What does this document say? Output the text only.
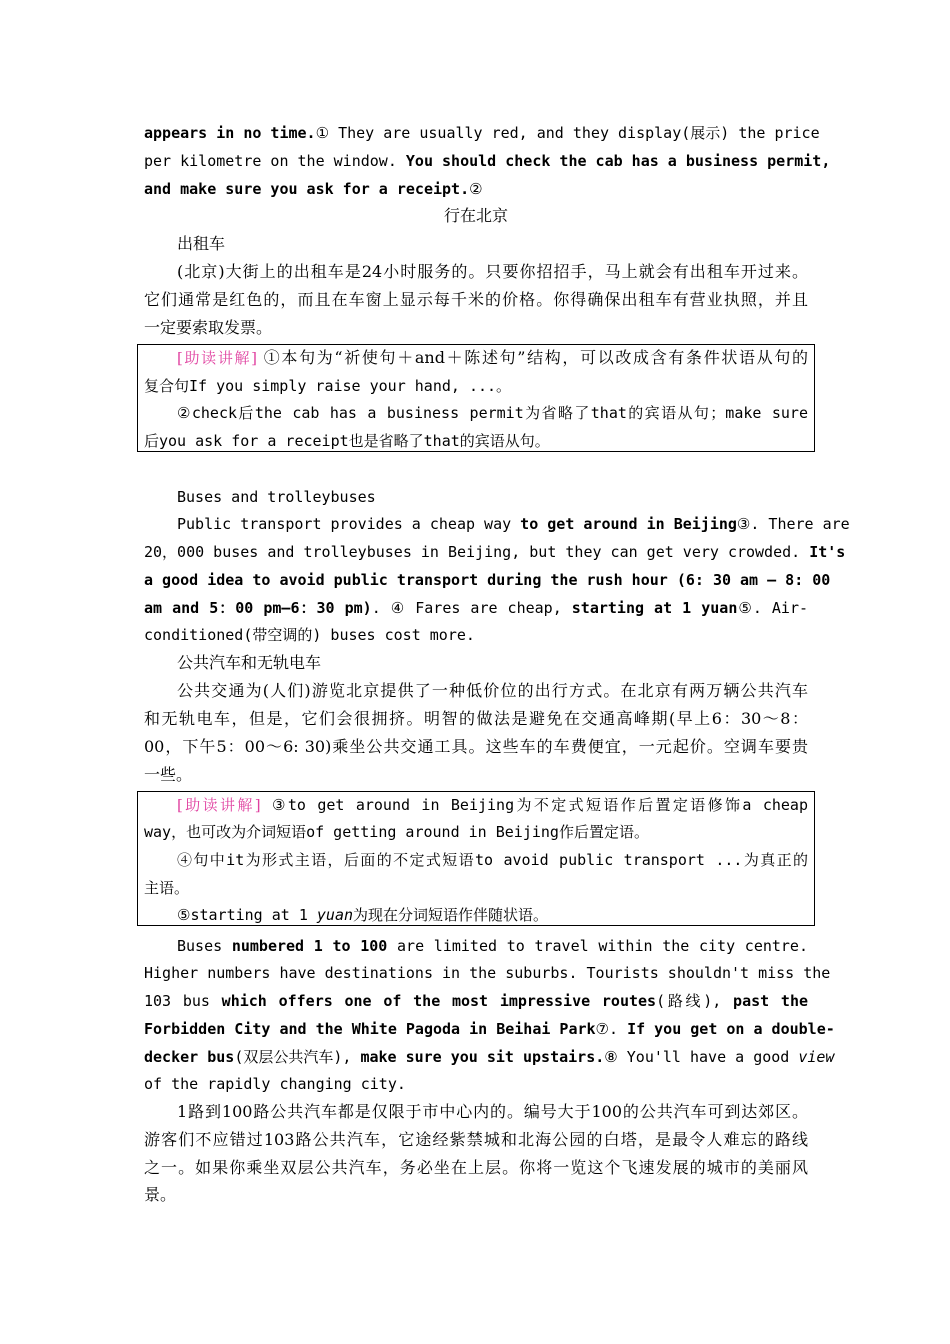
appears in no time.① They are usually red, and they display(展示) the price
per kilometre on the window. You should check the cab has a business permit,
and make sure you ask for a receipt.②
行在北京
出租车
(北京)大街上的出租车是24小时服务的。只要你招招手，马上就会有出租车开过来。
它们通常是红色的，而且在车窗上显示每千米的价格。你得确保出租车有营业执照，并且
一定要索取发票。
[助读讲解] ①本句为“祈使句＋and＋陈述句”结构，可以改成含有条件状语从句的
复合句If you simply raise your hand, ...。
②check后the cab has a business permit为省略了that的宾语从句；make sure
后you ask for a receipt也是省略了that的宾语从句。
Buses and trolleybuses
Public transport provides a cheap way to get around in Beijing③. There are
20，000 buses and trolleybuses in Beijing, but they can get very crowded. It's
a good idea to avoid public transport during the rush hour (6: 30 am — 8: 00
am and 5：00 pm—6：30 pm). ④ Fares are cheap, starting at 1 yuan⑤. Air-
conditioned(带空调的) buses cost more.
公共汽车和无轨电车
公共交通为(人们)游览北京提供了一种低价位的出行方式。在北京有两万辆公共汽车
和无轨电车，但是，它们会很拥挤。明智的做法是避免在交通高峰期(早上6：30～8：
00，下午5：00～6: 30)乘坐公共交通工具。这些车的车费便宜，一元起价。空调车要贵
一些。
[助读讲解] ③to get around in Beijing为不定式短语作后置定语修饰a cheap
way，也可改为介词短语of getting around in Beijing作后置定语。
④句中it为形式主语，后面的不定式短语to avoid public transport ...为真正的
主语。
⑤starting at 1 yuan为现在分词短语作伴随状语。
Buses numbered 1 to 100 are limited to travel within the city centre.
Higher numbers have destinations in the suburbs. Tourists shouldn't miss the
103 bus which offers one of the most impressive routes(路线), past the
Forbidden City and the White Pagoda in Beihai Park⑦. If you get on a double-
decker bus(双层公共汽车), make sure you sit upstairs.⑧ You'll have a good view
of the rapidly changing city.
1路到100路公共汽车都是仅限于市中心内的。编号大于100的公共汽车可到达郊区。
游客们不应错过103路公共汽车，它途经紫禁城和北海公园的白塔，是最令人难忘的路线
之一。如果你乘坐双层公共汽车，务必坐在上层。你将一览这个飞速发展的城市的美丽风
景。
